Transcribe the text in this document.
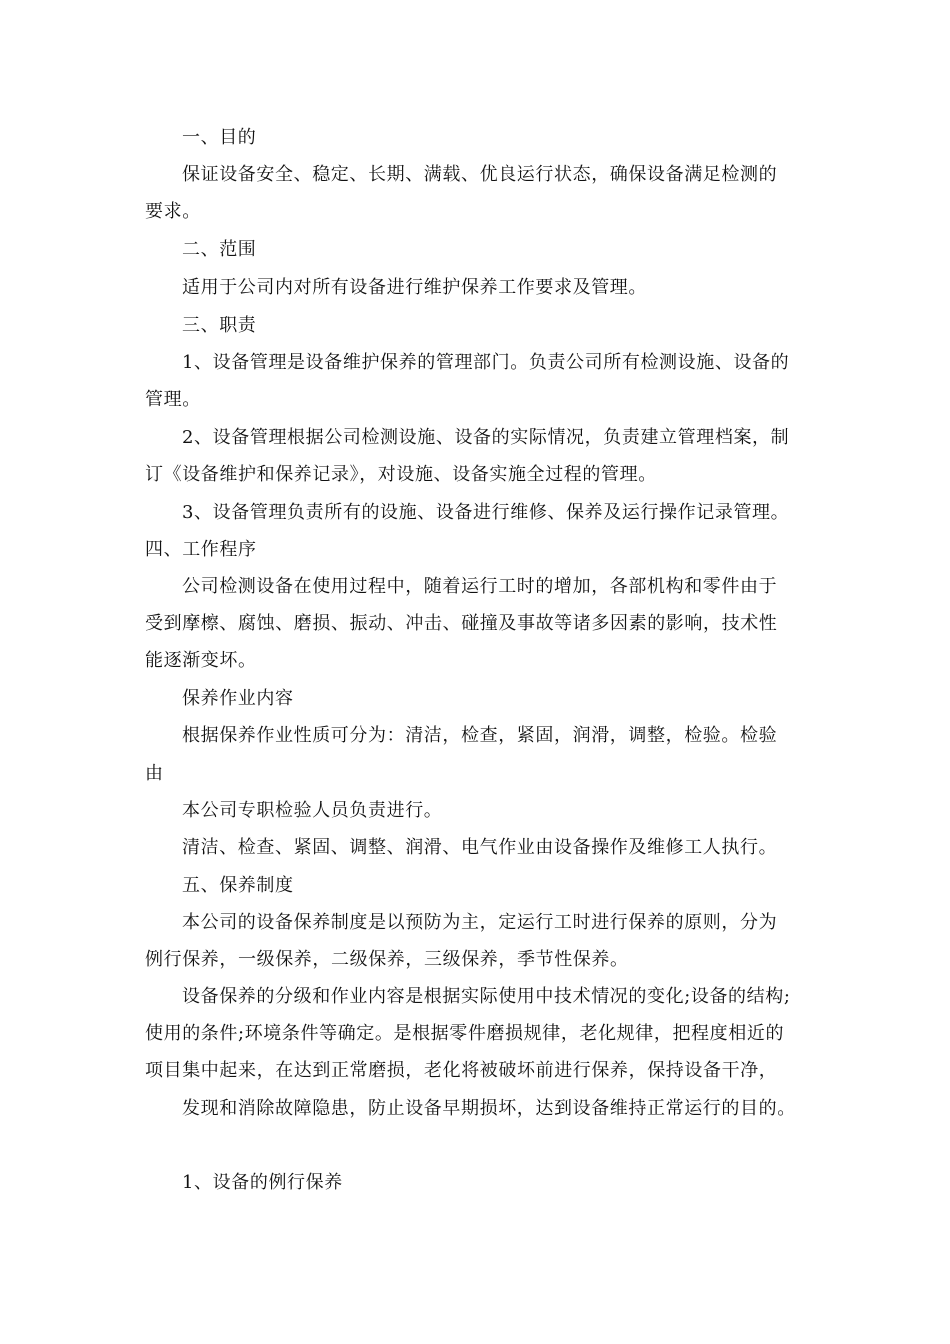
一、目的
保证设备安全、稳定、长期、满载、优良运行状态，确保设备满足检测的
要求。
二、范围
适用于公司内对所有设备进行维护保养工作要求及管理。
三、职责
1、设备管理是设备维护保养的管理部门。负责公司所有检测设施、设备的
管理。
2、设备管理根据公司检测设施、设备的实际情况，负责建立管理档案，制
订《设备维护和保养记录》，对设施、设备实施全过程的管理。
3、设备管理负责所有的设施、设备进行维修、保养及运行操作记录管理。
四、工作程序
公司检测设备在使用过程中，随着运行工时的增加，各部机构和零件由于
受到摩檫、腐蚀、磨损、振动、冲击、碰撞及事故等诸多因素的影响，技术性
能逐渐变坏。
保养作业内容
根据保养作业性质可分为：清洁，检查，紧固，润滑，调整，检验。检验
由
本公司专职检验人员负责进行。
清洁、检查、紧固、调整、润滑、电气作业由设备操作及维修工人执行。
五、保养制度
本公司的设备保养制度是以预防为主，定运行工时进行保养的原则，分为
例行保养，一级保养，二级保养，三级保养，季节性保养。
设备保养的分级和作业内容是根据实际使用中技术情况的变化;设备的结构;
使用的条件;环境条件等确定。是根据零件磨损规律，老化规律，把程度相近的
项目集中起来，在达到正常磨损，老化将被破坏前进行保养，保持设备干净，
发现和消除故障隐患，防止设备早期损坏，达到设备维持正常运行的目的。
1、设备的例行保养
